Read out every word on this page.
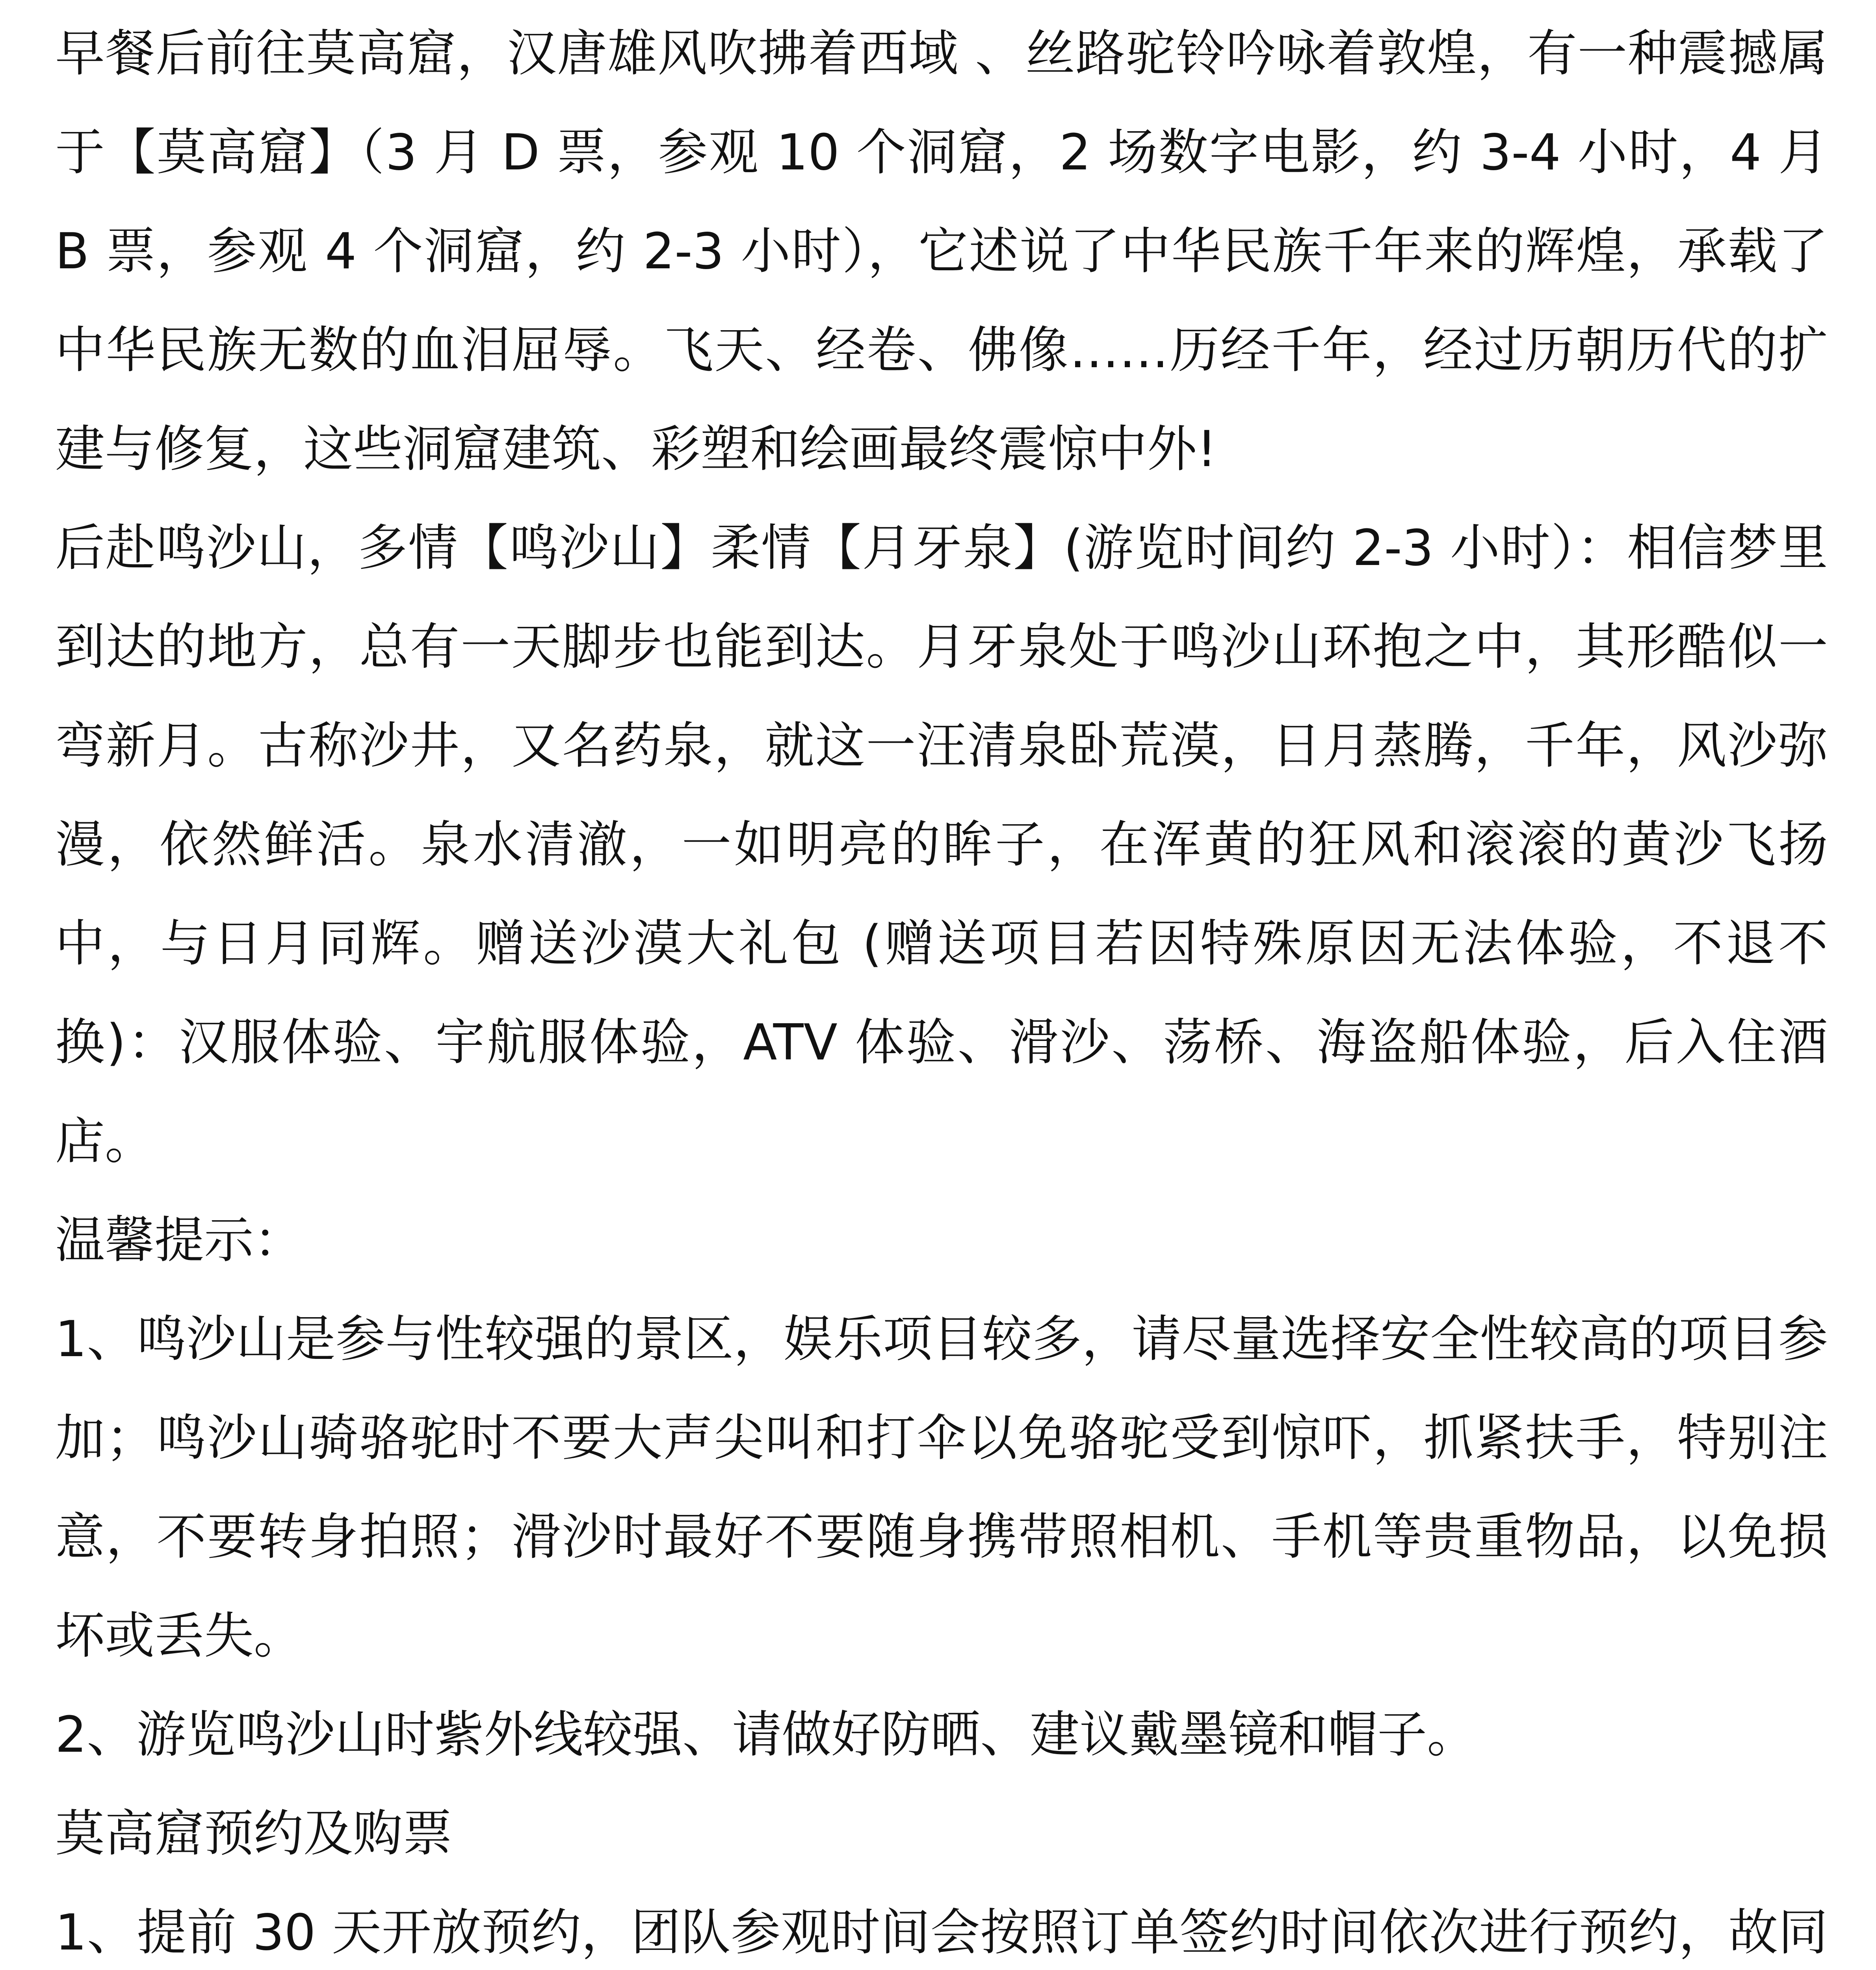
早餐后前往莫高窟，汉唐雄风吹拂着西域 、丝路驼铃吟咏着敦煌，有一种震撼属于【莫高窟】（3 月 D 票，参观 10 个洞窟，2 场数字电影，约 3-4 小时，4 月 B 票，参观 4 个洞窟，约 2-3 小时），它述说了中华民族千年来的辉煌，承载了中华民族无数的血泪屈辱。飞天、经卷、佛像……历经千年，经过历朝历代的扩建与修复，这些洞窟建筑、彩塑和绘画最终震惊中外!

后赴鸣沙山，多情【鸣沙山】柔情【月牙泉】(游览时间约 2-3 小时）：相信梦里到达的地方，总有一天脚步也能到达。月牙泉处于鸣沙山环抱之中，其形酷似一弯新月。古称沙井，又名药泉，就这一汪清泉卧荒漠，日月蒸腾，千年，风沙弥漫，依然鲜活。泉水清澈，一如明亮的眸子，在浑黄的狂风和滚滚的黄沙飞扬中，与日月同辉。赠送沙漠大礼包 (赠送项目若因特殊原因无法体验，不退不换)：汉服体验、宇航服体验，ATV 体验、滑沙、荡桥、海盗船体验，后入住酒店。

温馨提示：

1、鸣沙山是参与性较强的景区，娱乐项目较多，请尽量选择安全性较高的项目参加；鸣沙山骑骆驼时不要大声尖叫和打伞以免骆驼受到惊吓，抓紧扶手，特别注意，不要转身拍照；滑沙时最好不要随身携带照相机、手机等贵重物品，以免损坏或丢失。

2、游览鸣沙山时紫外线较强、请做好防晒、建议戴墨镜和帽子。

莫高窟预约及购票

1、提前 30 天开放预约，团队参观时间会按照订单签约时间依次进行预约，故同
